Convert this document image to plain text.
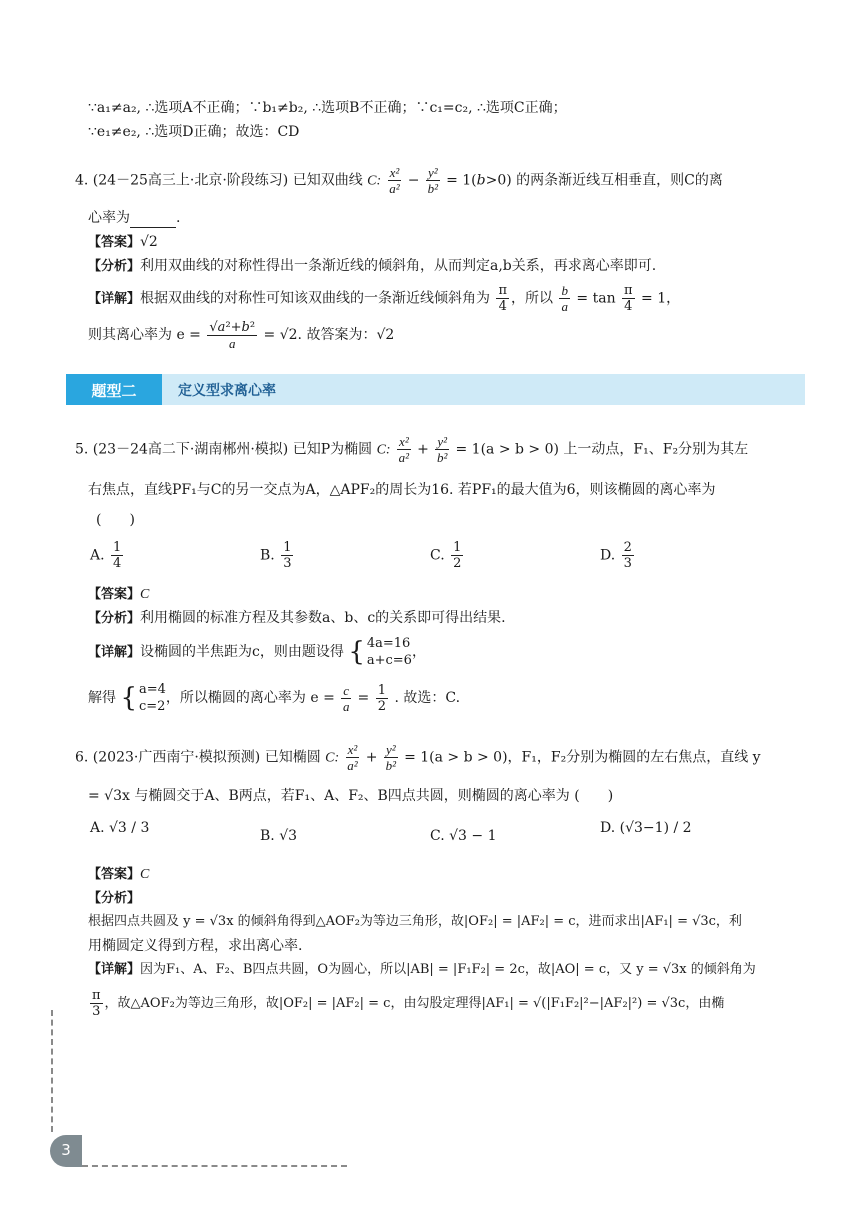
∵a₁≠a₂, ∴选项A不正确；∵b₁≠b₂, ∴选项B不正确；∵c₁=c₂, ∴选项C正确；
∵e₁≠e₂, ∴选项D正确；故选：CD
4. (24－25高三上·北京·阶段练习) 已知双曲线 C: $\frac{\text{x²}}{\text{a²}} - \frac{\text{y²}}{\text{b²}} = 1(b>0)$ 的两条渐近线互相垂直，则C的离
心率为	.
【答案】√2
【分析】利用双曲线的对称性得出一条渐近线的倾斜角，从而判定a,b关系，再求离心率即可.
【详解】根据双曲线的对称性可知该双曲线的一条渐近线倾斜角为 $\frac{\pi}{4}$ ，所以 $\frac{b}{a} = \tan \frac{\pi}{4} = 1$，
则其离心率为 $e = \frac{\text{√a²+b²}}{a} = √2$. 故答案为：√2
题型二	定义型求离心率
5. (23－24高二下·湖南郴州·模拟) 已知P为椭圆 C: $\frac{\text{x²}}{\text{a²}} + \frac{\text{y²}}{\text{b²}} = 1(a > b > 0)$ 上一动点，F₁、F₂分别为其左
右焦点，直线PF₁与C的另一交点为A，△APF₂的周长为16. 若PF₁的最大值为6，则该椭圆的离心率为
(　　)
A. $\frac{1}{4}$	B. $\frac{1}{3}$	C. $\frac{1}{2}$	D. $\frac{2}{3}$
【答案】C
【分析】利用椭圆的标准方程及其参数a、b、c的关系即可得出结果.
【详解】设椭圆的半焦距为c，则由题设得 { 4a=16
a+c=6
，
解得 { a=4
c=2
，所以椭圆的离心率为 $e = \frac{c}{a} = \frac{1}{2}$ . 故选：C.
6. (2023·广西南宁·模拟预测) 已知椭圆 C: $\frac{\text{x²}}{\text{a²}} + \frac{\text{y²}}{\text{b²}} = 1(a > b > 0)$，F₁，F₂分别为椭圆的左右焦点，直线 y
= √3x 与椭圆交于A、B两点，若F₁、A、F₂、B四点共圆，则椭圆的离心率为 (　　)
A. √3 / 3	B. √3	C. √3 − 1	D. (√3−1) / 2
【答案】C
【分析】
根据四点共圆及 y = √3x 的倾斜角得到△AOF₂为等边三角形，故|OF₂| = |AF₂| = c，进而求出|AF₁| = √3c，利
用椭圆定义得到方程，求出离心率.
【详解】因为F₁、A、F₂、B四点共圆，O为圆心，所以|AB| = |F₁F₂| = 2c，故|AO| = c，又 y = √3x 的倾斜角为
$\frac{\pi}{3}$ ，故△AOF₂为等边三角形，故|OF₂| = |AF₂| = c，由勾股定理得|AF₁| = √(|F₁F₂|²−|AF₂|²) = √3c，由椭
3
